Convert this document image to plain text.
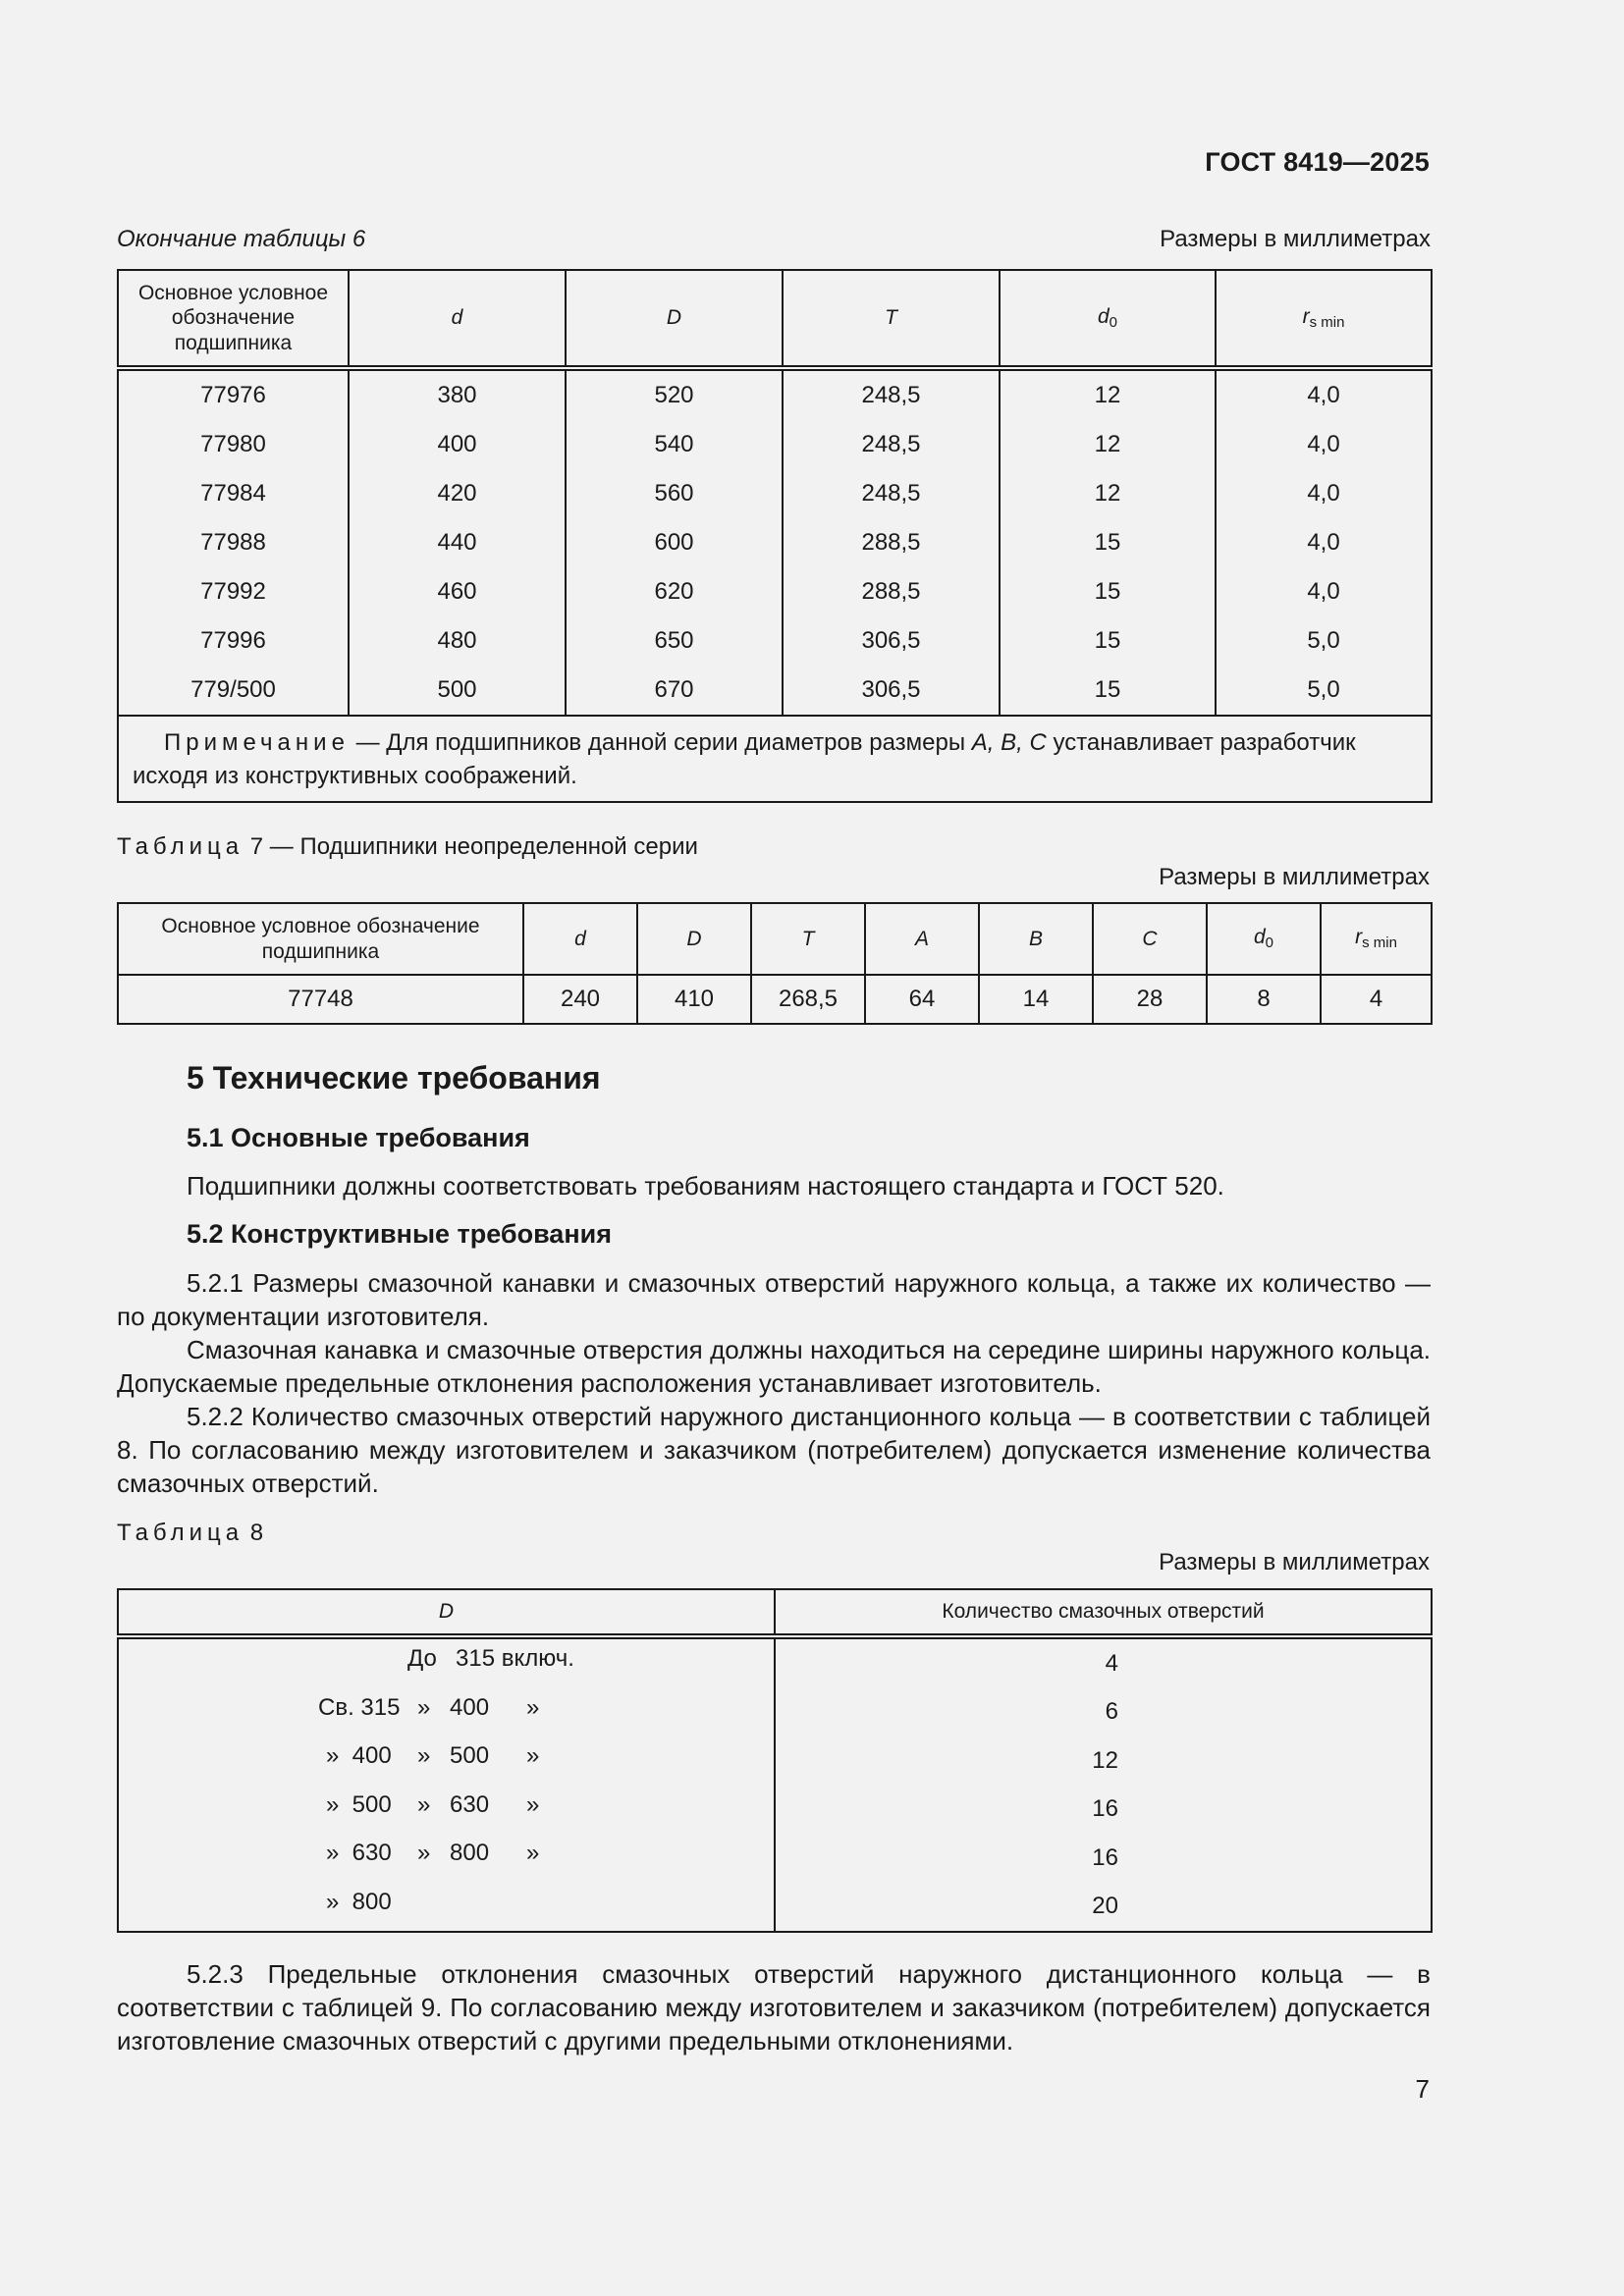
ГОСТ 8419—2025
Окончание таблицы 6	Размеры в миллиметрах
Основное условное обозначение подшипника	d	D	T	$d_0$	$r_{s min}$
77976	380	520	248,5	12	4,0
77980	400	540	248,5	12	4,0
77984	420	560	248,5	12	4,0
77988	440	600	288,5	15	4,0
77992	460	620	288,5	15	4,0
77996	480	650	306,5	15	5,0
779/500	500	670	306,5	15	5,0
Примечание — Для подшипников данной серии диаметров размеры A, B, C устанавливает разработчик исходя из конструктивных соображений.					
Таблица 7 — Подшипники неопределенной серии
Размеры в миллиметрах
Основное условное обозначение подшипника	d	D	T	A	B	C	$d_0$	$r_{s min}$
77748	240	410	268,5	64	14	28	8	4
5 Технические требования
5.1 Основные требования
Подшипники должны соответствовать требованиям настоящего стандарта и ГОСТ 520.
5.2 Конструктивные требования

5.2.1 Размеры смазочной канавки и смазочных отверстий наружного кольца, а также их количество — по документации изготовителя.

Смазочная канавка и смазочные отверстия должны находиться на середине ширины наружного кольца. Допускаемые предельные отклонения расположения устанавливает изготовитель.

5.2.2 Количество смазочных отверстий наружного дистанционного кольца — в соответствии с таблицей 8. По согласованию между изготовителем и заказчиком (потребителем) допускается изменение количества смазочных отверстий.

Таблица 8
Размеры в миллиметрах
D	Количество смазочных отверстий

До 315 включ.	4

Св. 315 » 400 »	6

»  400 » 500 »	12

»  500 » 630 »	16

»  630 » 800 »	16

»  800	20

5.2.3 Предельные отклонения смазочных отверстий наружного дистанционного кольца — в соответствии с таблицей 9. По согласованию между изготовителем и заказчиком (потребителем) допускается изготовление смазочных отверстий с другими предельными отклонениями.

7
